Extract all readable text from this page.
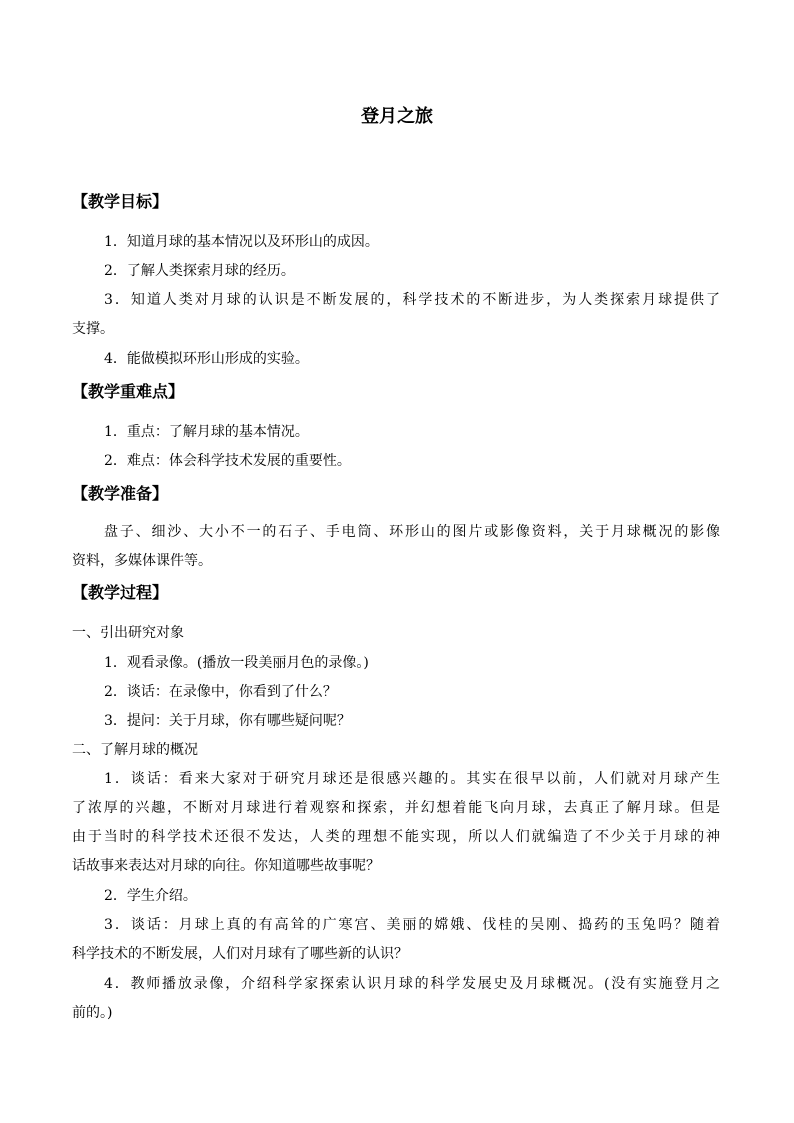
登月之旅
【教学目标】
1．知道月球的基本情况以及环形山的成因。
2．了解人类探索月球的经历。
3．知道人类对月球的认识是不断发展的，科学技术的不断进步，为人类探索月球提供了
支撑。
4．能做模拟环形山形成的实验。
【教学重难点】
1．重点：了解月球的基本情况。
2．难点：体会科学技术发展的重要性。
【教学准备】
盘子、细沙、大小不一的石子、手电筒、环形山的图片或影像资料，关于月球概况的影像
资料，多媒体课件等。
【教学过程】
一、引出研究对象
1．观看录像。(播放一段美丽月色的录像。)
2．谈话：在录像中，你看到了什么？
3．提问：关于月球，你有哪些疑问呢？
二、了解月球的概况
1．谈话：看来大家对于研究月球还是很感兴趣的。其实在很早以前，人们就对月球产生
了浓厚的兴趣，不断对月球进行着观察和探索，并幻想着能飞向月球，去真正了解月球。但是
由于当时的科学技术还很不发达，人类的理想不能实现，所以人们就编造了不少关于月球的神
话故事来表达对月球的向往。你知道哪些故事呢？
2．学生介绍。
3．谈话：月球上真的有高耸的广寒宫、美丽的嫦娥、伐桂的吴刚、捣药的玉兔吗？随着
科学技术的不断发展，人们对月球有了哪些新的认识？
4．教师播放录像，介绍科学家探索认识月球的科学发展史及月球概况。(没有实施登月之
前的。)
